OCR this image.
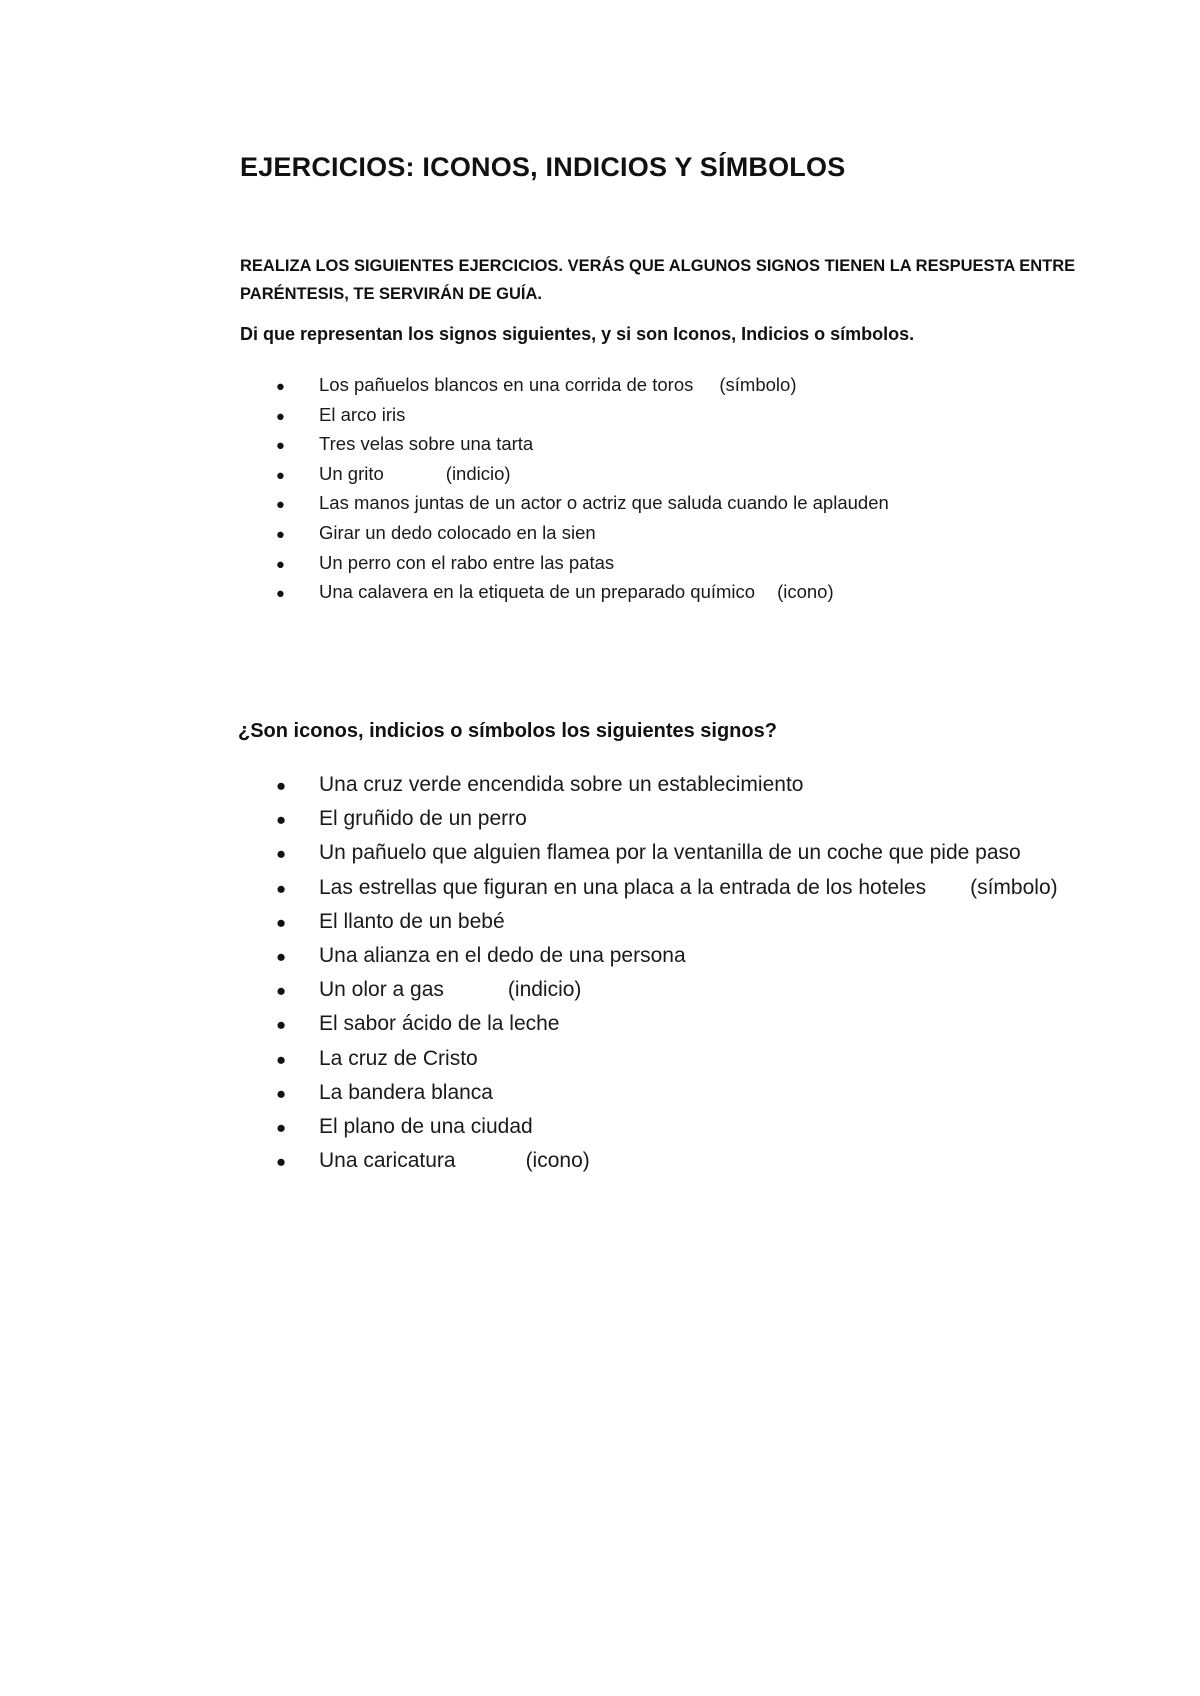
EJERCICIOS: ICONOS, INDICIOS Y SÍMBOLOS

REALIZA LOS SIGUIENTES EJERCICIOS. VERÁS QUE ALGUNOS SIGNOS TIENEN LA RESPUESTA ENTRE PARÉNTESIS, TE SERVIRÁN DE GUÍA.

Di que representan los signos siguientes, y si son Iconos, Indicios o símbolos.
● Los pañuelos blancos en una corrida de toros (símbolo)
● El arco iris
● Tres velas sobre una tarta
● Un grito	(indicio)
● Las manos juntas de un actor o actriz que saluda cuando le aplauden
● Girar un dedo colocado en la sien
● Un perro con el rabo entre las patas
● Una calavera en la etiqueta de un preparado químico (icono)
¿Son iconos, indicios o símbolos los siguientes signos?
● Una cruz verde encendida sobre un establecimiento
● El gruñido de un perro
● Un pañuelo que alguien flamea por la ventanilla de un coche que pide paso
● Las estrellas que figuran en una placa a la entrada de los hoteles (símbolo)
● El llanto de un bebé
● Una alianza en el dedo de una persona
● Un olor a gas	(indicio)
● El sabor ácido de la leche
● La cruz de Cristo
● La bandera blanca
● El plano de una ciudad
● Una caricatura	(icono)
